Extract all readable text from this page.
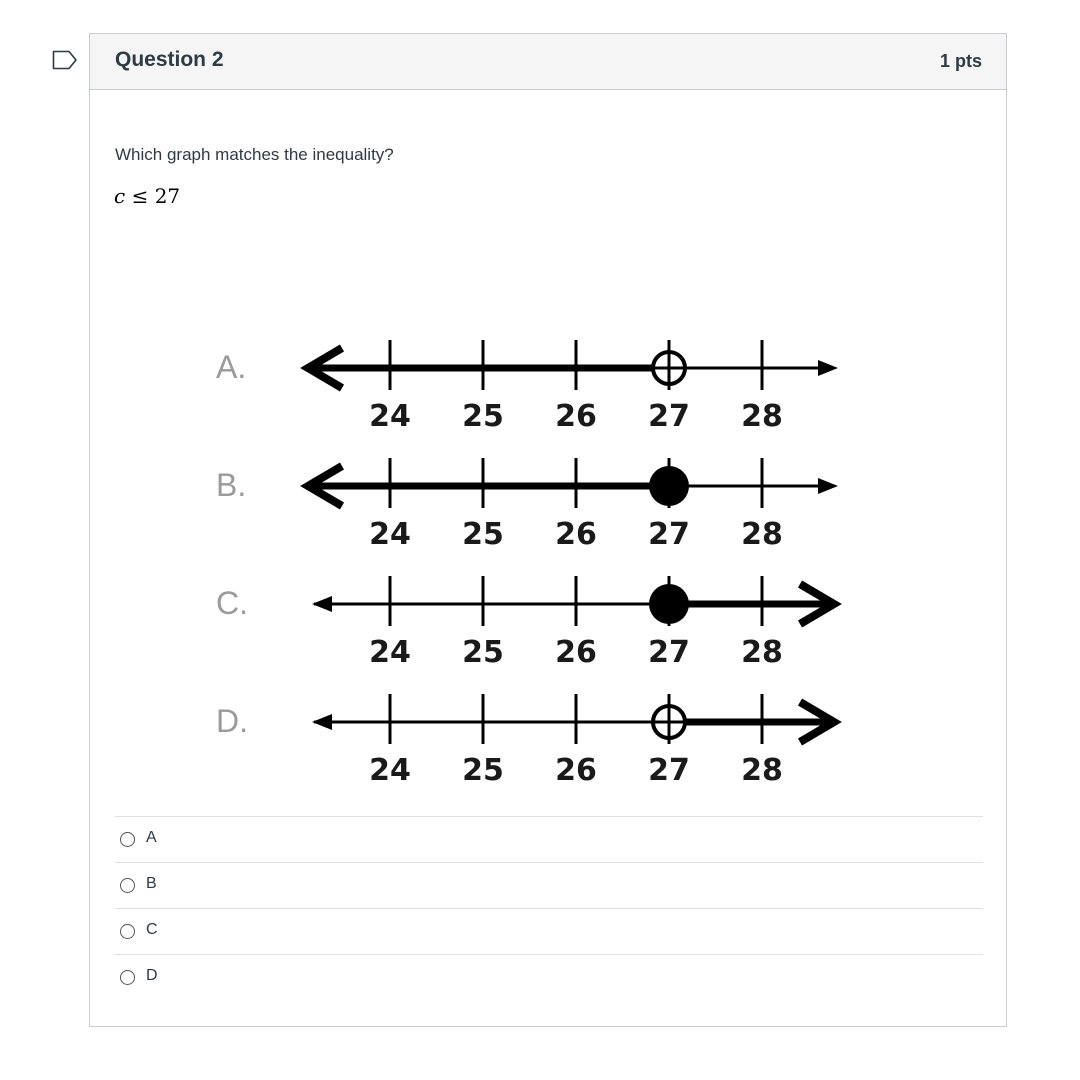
Question 2	1 pts
Which graph matches the inequality?
c ≤ 27
A.
24 25 26 27 28
B.
24 25 26 27 28
C.
24 25 26 27 28
D.
24 25 26 27 28
A
B
C
D
